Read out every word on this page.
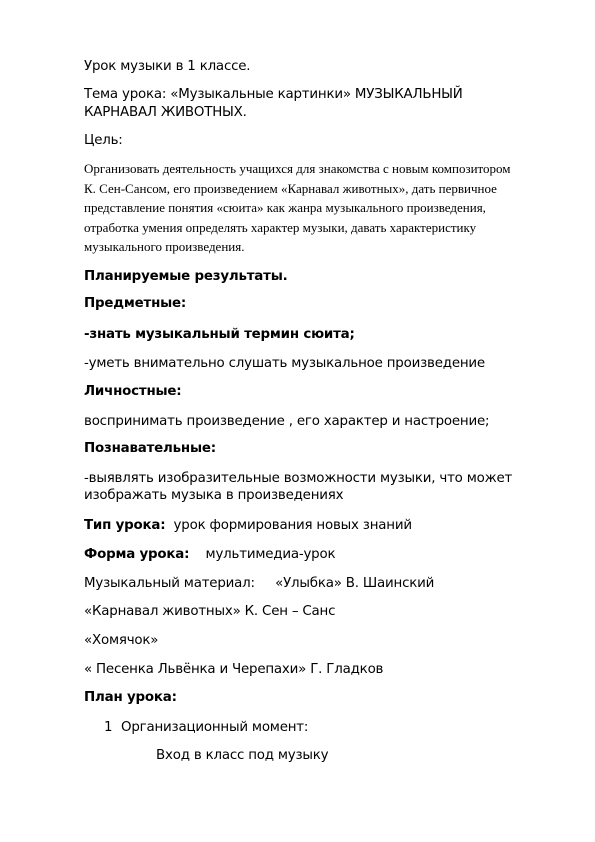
Урок музыки в 1 классе.
Тема урока: «Музыкальные картинки» МУЗЫКАЛЬНЫЙ
КАРНАВАЛ ЖИВОТНЫХ.
Цель:
Организовать деятельность учащихся для знакомства с новым композитором
К. Сен-Сансом, его произведением «Карнавал животных», дать первичное
представление понятия «сюита» как жанра музыкального произведения,
отработка умения определять характер музыки, давать характеристику
музыкального произведения.
Планируемые результаты.
Предметные:
-знать музыкальный термин сюита;
-уметь внимательно слушать музыкальное произведение
Личностные:
воспринимать произведение , его характер и настроение;
Познавательные:
-выявлять изобразительные возможности музыки, что может
изображать музыка в произведениях
Тип урока:  урок формирования новых знаний
Форма урока:    мультимедиа-урок
Музыкальный материал:     «Улыбка» В. Шаинский
«Карнавал животных» К. Сен – Санс
«Хомячок»
« Песенка Львёнка и Черепахи» Г. Гладков
План урока:
1 Организационный момент:
Вход в класс под музыку
